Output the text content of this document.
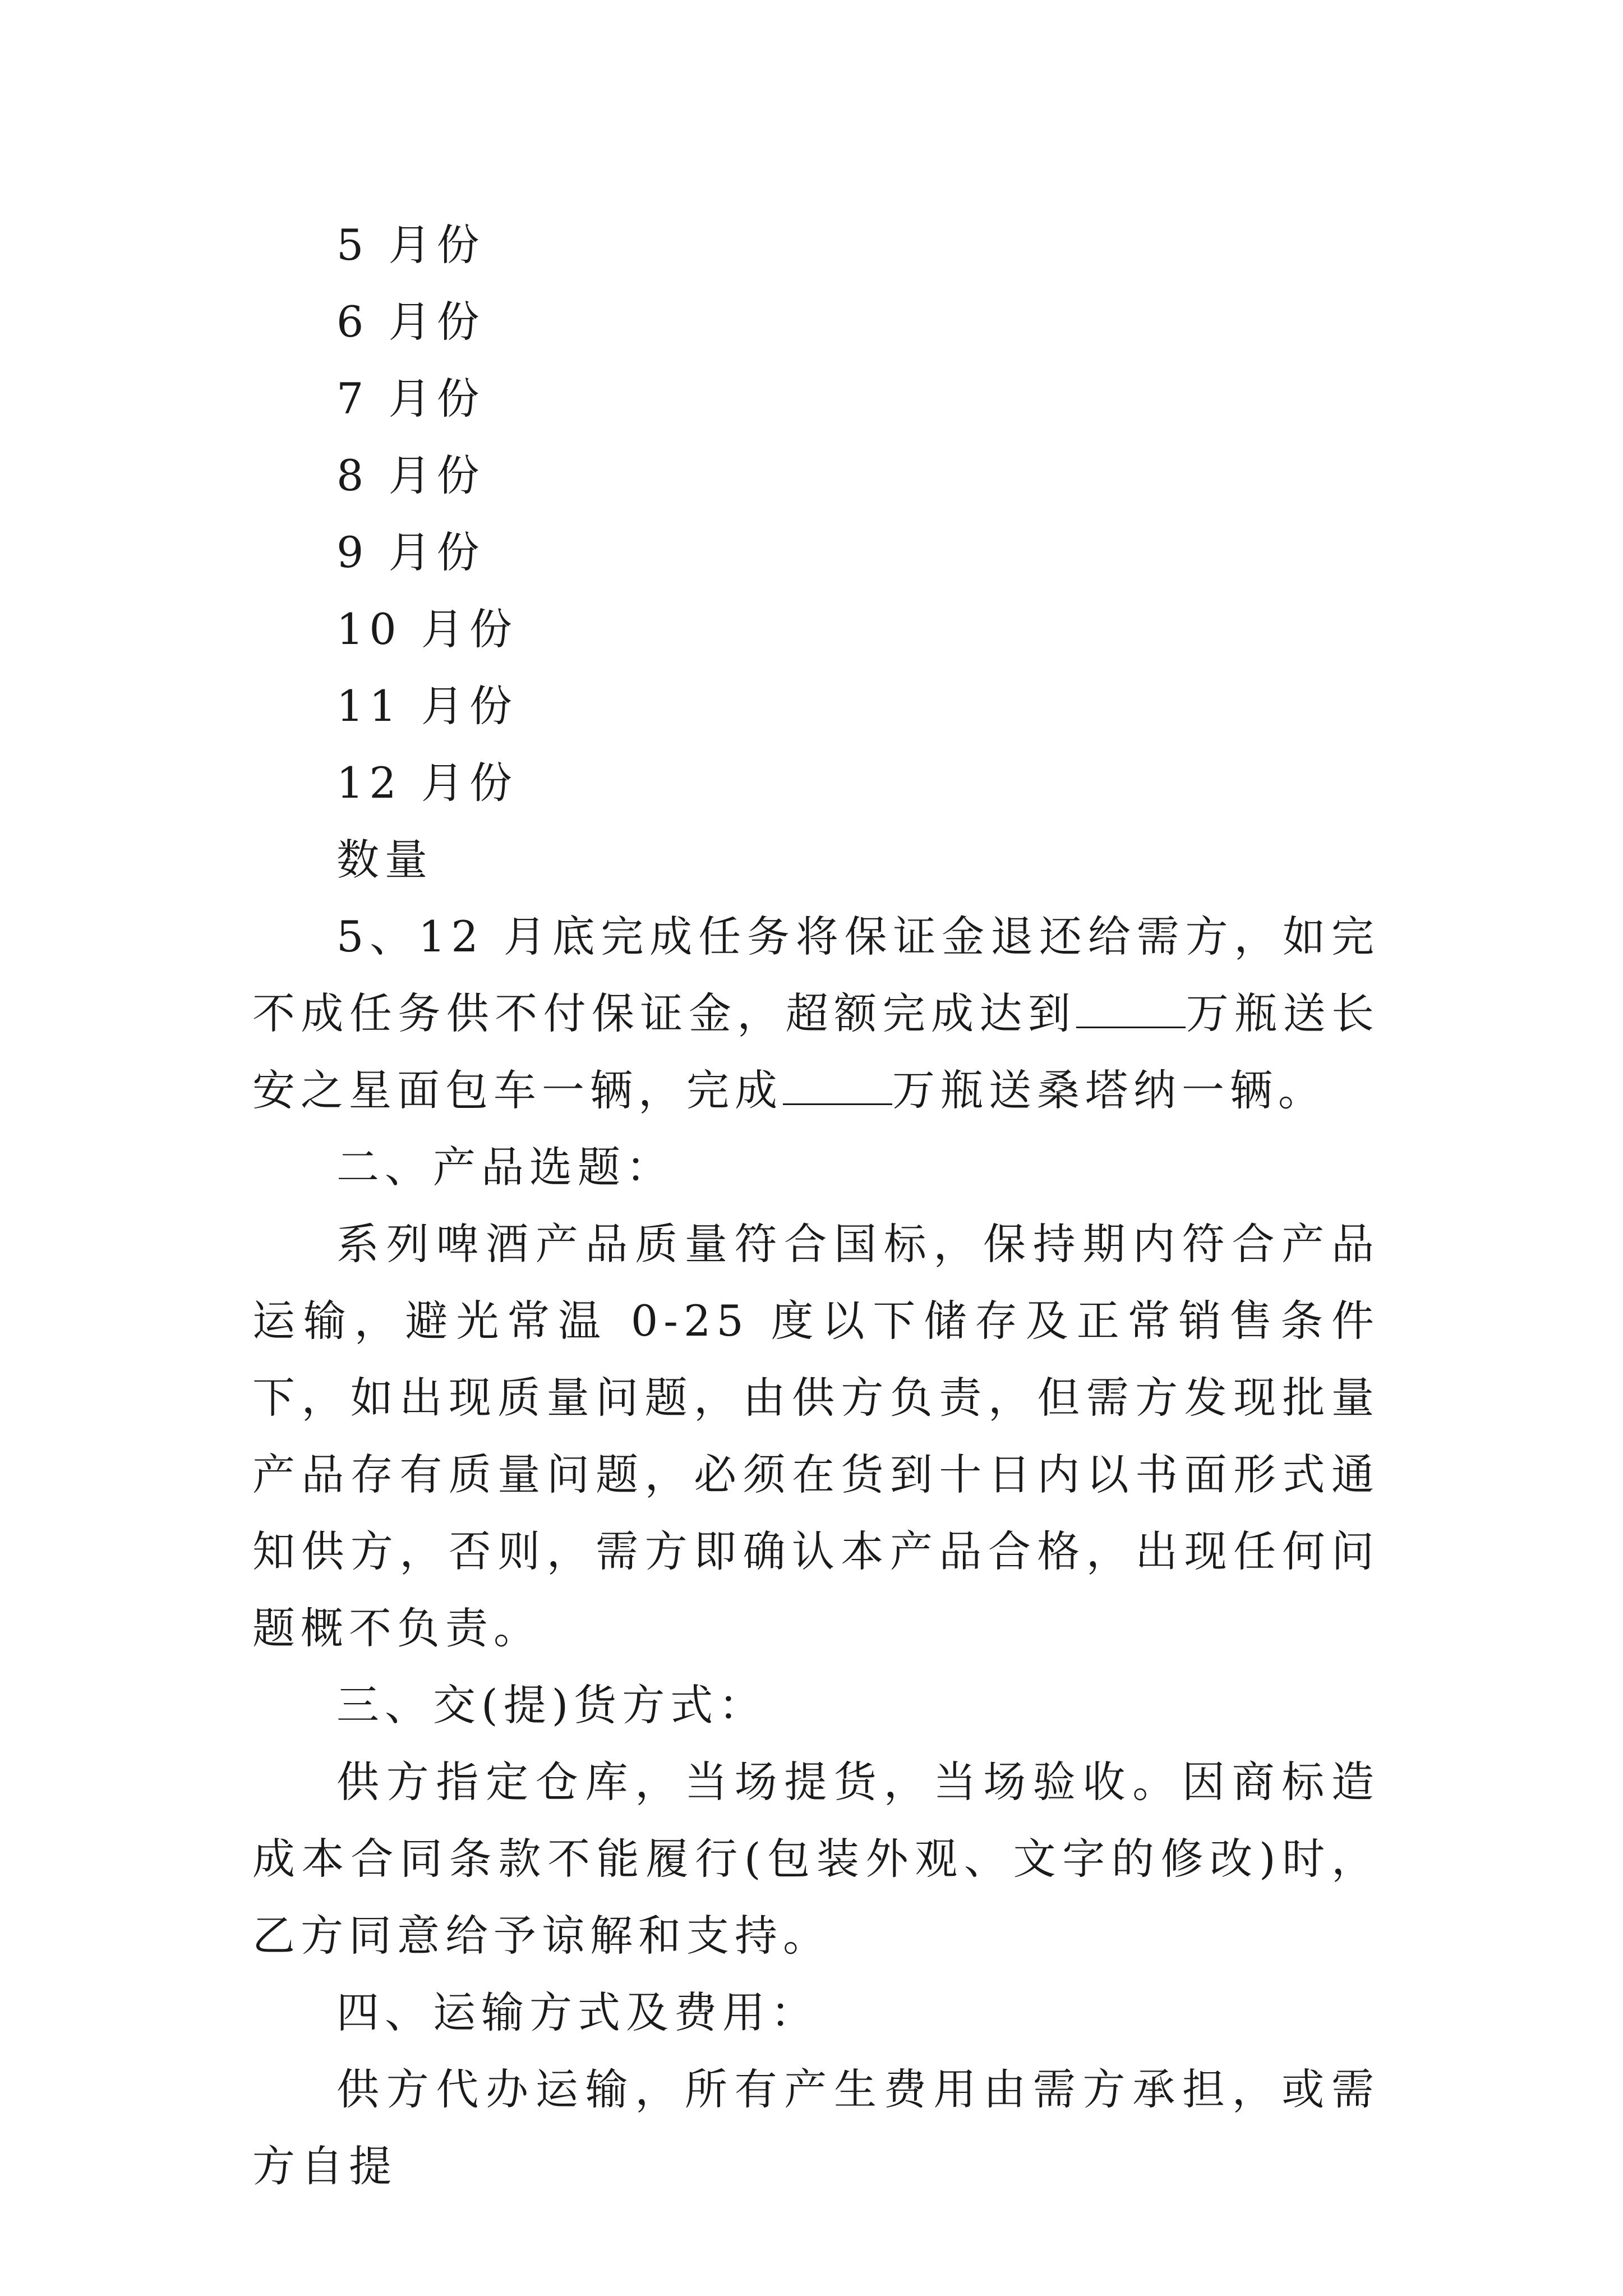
5 月份
6 月份
7 月份
8 月份
9 月份
10 月份
11 月份
12 月份
数量

5、12 月底完成任务将保证金退还给需方，如完不成任务供不付保证金，超额完成达到	万瓶送长安之星面包车一辆，完成	万瓶送桑塔纳一辆。

二、产品选题：

系列啤酒产品质量符合国标，保持期内符合产品运输，避光常温 0-25 度以下储存及正常销售条件下，如出现质量问题，由供方负责，但需方发现批量产品存有质量问题，必须在货到十日内以书面形式通知供方，否则，需方即确认本产品合格，出现任何问题概不负责。

三、交(提)货方式：

供方指定仓库，当场提货，当场验收。因商标造成本合同条款不能履行(包装外观、文字的修改)时，乙方同意给予谅解和支持。

四、运输方式及费用：

供方代办运输，所有产生费用由需方承担，或需方自提
